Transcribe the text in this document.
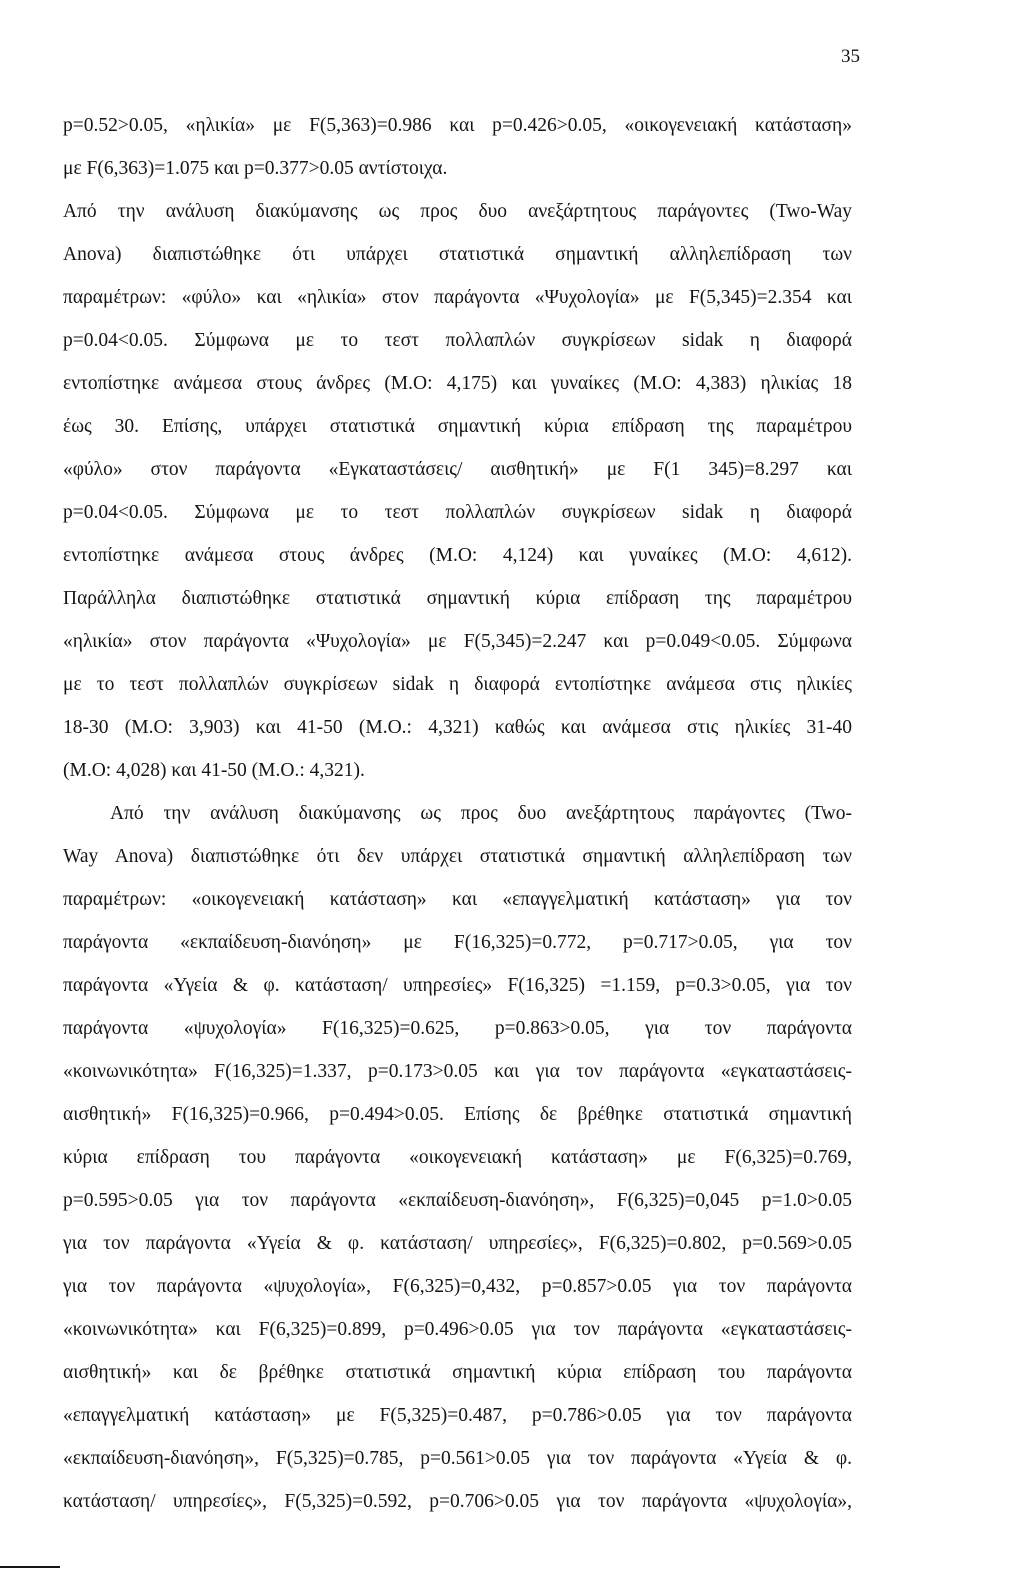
35
p=0.52>0.05, «ηλικία» με F(5,363)=0.986 και p=0.426>0.05, «οικογενειακή κατάσταση»
με F(6,363)=1.075 και p=0.377>0.05 αντίστοιχα.
Από την ανάλυση διακύμανσης ως προς δυο ανεξάρτητους παράγοντες (Two-Way
Anova) διαπιστώθηκε ότι υπάρχει στατιστικά σημαντική αλληλεπίδραση των
παραμέτρων: «φύλο» και «ηλικία» στον παράγοντα «Ψυχολογία» με F(5,345)=2.354 και
p=0.04<0.05. Σύμφωνα με το τεστ πολλαπλών συγκρίσεων sidak η διαφορά
εντοπίστηκε ανάμεσα στους άνδρες (Μ.Ο: 4,175) και γυναίκες (Μ.Ο: 4,383) ηλικίας 18
έως 30. Επίσης, υπάρχει στατιστικά σημαντική κύρια επίδραση της παραμέτρου
«φύλο» στον παράγοντα «Εγκαταστάσεις/ αισθητική» με F(1 345)=8.297 και
p=0.04<0.05. Σύμφωνα με το τεστ πολλαπλών συγκρίσεων sidak η διαφορά
εντοπίστηκε ανάμεσα στους άνδρες (Μ.Ο: 4,124) και γυναίκες (Μ.Ο: 4,612).
Παράλληλα διαπιστώθηκε στατιστικά σημαντική κύρια επίδραση της παραμέτρου
«ηλικία» στον παράγοντα «Ψυχολογία» με F(5,345)=2.247 και p=0.049<0.05. Σύμφωνα
με το τεστ πολλαπλών συγκρίσεων sidak η διαφορά εντοπίστηκε ανάμεσα στις ηλικίες
18-30 (Μ.Ο: 3,903) και 41-50 (Μ.Ο.: 4,321) καθώς και ανάμεσα στις ηλικίες 31-40
(Μ.Ο: 4,028) και 41-50 (Μ.Ο.: 4,321).
Από την ανάλυση διακύμανσης ως προς δυο ανεξάρτητους παράγοντες (Two-
Way Anova) διαπιστώθηκε ότι δεν υπάρχει στατιστικά σημαντική αλληλεπίδραση των
παραμέτρων: «οικογενειακή κατάσταση» και «επαγγελματική κατάσταση» για τον
παράγοντα «εκπαίδευση-διανόηση» με F(16,325)=0.772, p=0.717>0.05, για τον
παράγοντα «Υγεία & φ. κατάσταση/ υπηρεσίες» F(16,325) =1.159, p=0.3>0.05, για τον
παράγοντα «ψυχολογία» F(16,325)=0.625, p=0.863>0.05, για τον παράγοντα
«κοινωνικότητα» F(16,325)=1.337, p=0.173>0.05 και για τον παράγοντα «εγκαταστάσεις-
αισθητική» F(16,325)=0.966, p=0.494>0.05. Επίσης δε βρέθηκε στατιστικά σημαντική
κύρια επίδραση του παράγοντα «οικογενειακή κατάσταση» με F(6,325)=0.769,
p=0.595>0.05 για τον παράγοντα «εκπαίδευση-διανόηση», F(6,325)=0,045 p=1.0>0.05
για τον παράγοντα «Υγεία & φ. κατάσταση/ υπηρεσίες», F(6,325)=0.802, p=0.569>0.05
για τον παράγοντα «ψυχολογία», F(6,325)=0,432, p=0.857>0.05 για τον παράγοντα
«κοινωνικότητα» και F(6,325)=0.899, p=0.496>0.05 για τον παράγοντα «εγκαταστάσεις-
αισθητική» και δε βρέθηκε στατιστικά σημαντική κύρια επίδραση του παράγοντα
«επαγγελματική κατάσταση» με F(5,325)=0.487, p=0.786>0.05 για τον παράγοντα
«εκπαίδευση-διανόηση», F(5,325)=0.785, p=0.561>0.05 για τον παράγοντα «Υγεία & φ.
κατάσταση/ υπηρεσίες», F(5,325)=0.592, p=0.706>0.05 για τον παράγοντα «ψυχολογία»,
